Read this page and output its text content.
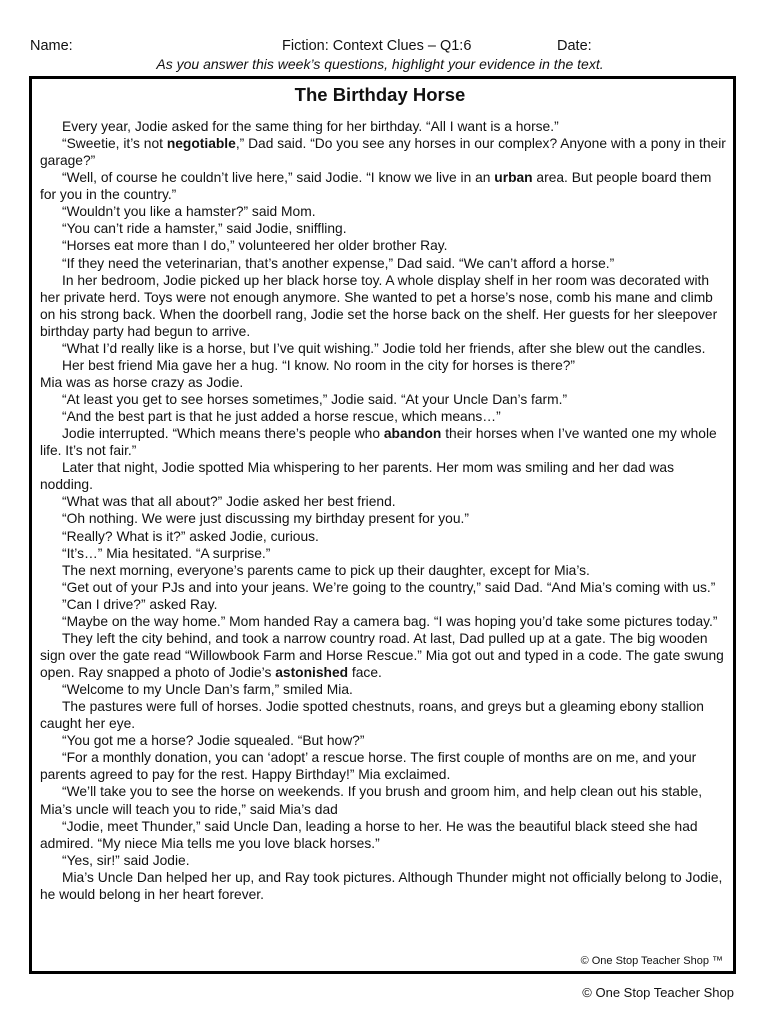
Name:	Fiction: Context Clues – Q1:6	Date:
As you answer this week’s questions, highlight your evidence in the text.
The Birthday Horse

Every year, Jodie asked for the same thing for her birthday. “All I want is a horse.”

“Sweetie, it’s not negotiable,” Dad said. “Do you see any horses in our complex? Anyone with a pony in their garage?”

“Well, of course he couldn’t live here,” said Jodie. “I know we live in an urban area. But people board them for you in the country.”

“Wouldn’t you like a hamster?” said Mom.

“You can’t ride a hamster,” said Jodie, sniffling.

“Horses eat more than I do,” volunteered her older brother Ray.

“If they need the veterinarian, that’s another expense,” Dad said. “We can’t afford a horse.”

In her bedroom, Jodie picked up her black horse toy. A whole display shelf in her room was decorated with her private herd. Toys were not enough anymore. She wanted to pet a horse’s nose, comb his mane and climb on his strong back. When the doorbell rang, Jodie set the horse back on the shelf. Her guests for her sleepover birthday party had begun to arrive.

“What I’d really like is a horse, but I’ve quit wishing.” Jodie told her friends, after she blew out the candles.

Her best friend Mia gave her a hug. “I know. No room in the city for horses is there?”

Mia was as horse crazy as Jodie.

“At least you get to see horses sometimes,” Jodie said. “At your Uncle Dan’s farm.”

“And the best part is that he just added a horse rescue, which means…”

Jodie interrupted. “Which means there’s people who abandon their horses when I’ve wanted one my whole life. It’s not fair.”

Later that night, Jodie spotted Mia whispering to her parents. Her mom was smiling and her dad was nodding.

“What was that all about?” Jodie asked her best friend.

“Oh nothing. We were just discussing my birthday present for you.”

“Really? What is it?” asked Jodie, curious.

“It’s…” Mia hesitated. “A surprise.”

The next morning, everyone’s parents came to pick up their daughter, except for Mia’s.

“Get out of your PJs and into your jeans. We’re going to the country,” said Dad. “And Mia’s coming with us.”

”Can I drive?” asked Ray.

“Maybe on the way home.” Mom handed Ray a camera bag. “I was hoping you’d take some pictures today.”

They left the city behind, and took a narrow country road. At last, Dad pulled up at a gate. The big wooden sign over the gate read “Willowbook Farm and Horse Rescue.” Mia got out and typed in a code. The gate swung open. Ray snapped a photo of Jodie’s astonished face.

“Welcome to my Uncle Dan’s farm,” smiled Mia.

The pastures were full of horses. Jodie spotted chestnuts, roans, and greys but a gleaming ebony stallion caught her eye.

“You got me a horse? Jodie squealed. “But how?”

“For a monthly donation, you can ‘adopt’ a rescue horse. The first couple of months are on me, and your parents agreed to pay for the rest. Happy Birthday!” Mia exclaimed.

“We’ll take you to see the horse on weekends. If you brush and groom him, and help clean out his stable, Mia’s uncle will teach you to ride,” said Mia’s dad

“Jodie, meet Thunder,” said Uncle Dan, leading a horse to her. He was the beautiful black steed she had admired. “My niece Mia tells me you love black horses.”

“Yes, sir!” said Jodie.

Mia’s Uncle Dan helped her up, and Ray took pictures. Although Thunder might not officially belong to Jodie, he would belong in her heart forever.

© One Stop Teacher Shop ™
© One Stop Teacher Shop
